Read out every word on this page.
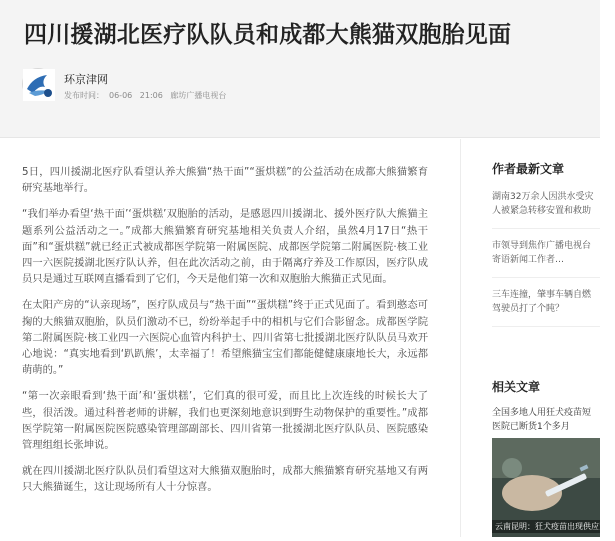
四川援湖北医疗队队员和成都大熊猫双胞胎见面
环京津网
发布时间： 06-06 21:06 廊坊广播电视台

5日，四川援湖北医疗队看望认养大熊猫“热干面”“蛋烘糕”的公益活动在成都大熊猫繁育研究基地举行。

“我们举办看望‘热干面’‘蛋烘糕’双胞胎的活动，是感恩四川援湖北、援外医疗队大熊猫主题系列公益活动之一。”成都大熊猫繁育研究基地相关负责人介绍，虽然4月17日“热干面”和“蛋烘糕”就已经正式被成都医学院第一附属医院、成都医学院第二附属医院·核工业四一六医院援湖北医疗队认养，但在此次活动之前，由于隔离疗养及工作原因，医疗队成员只是通过互联网直播看到了它们，今天是他们第一次和双胞胎大熊猫正式见面。

在太阳产房的“认亲现场”，医疗队成员与“热干面”“蛋烘糕”终于正式见面了。看到憨态可掬的大熊猫双胞胎，队员们激动不已，纷纷举起手中的相机与它们合影留念。成都医学院第二附属医院·核工业四一六医院心血管内科护士、四川省第七批援湖北医疗队队员马欢开心地说：“真实地看到‘趴趴熊’，太幸福了！希望熊猫宝宝们都能健健康康地长大，永远都萌萌的。”

“第一次亲眼看到‘热干面’和‘蛋烘糕’，它们真的很可爱，而且比上次连线的时候长大了些，很活泼。通过科普老师的讲解，我们也更深刻地意识到野生动物保护的重要性。”成都医学院第一附属医院医院感染管理部副部长、四川省第一批援湖北医疗队队员、医院感染管理组组长张坤说。

就在四川援湖北医疗队队员们看望这对大熊猫双胞胎时，成都大熊猫繁育研究基地又有两只大熊猫诞生，这让现场所有人十分惊喜。

作者最新文章
湖南32万余人因洪水受灾
人被紧急转移安置和救助
市领导到焦作广播电视台
寄语新闻工作者…
三车连撞，肇事车辆自燃
驾驶员打了个盹？
相关文章
全国多地人用狂犬疫苗短
医院已断货1个多月
云南昆明：狂犬疫苗出现供应紧张
